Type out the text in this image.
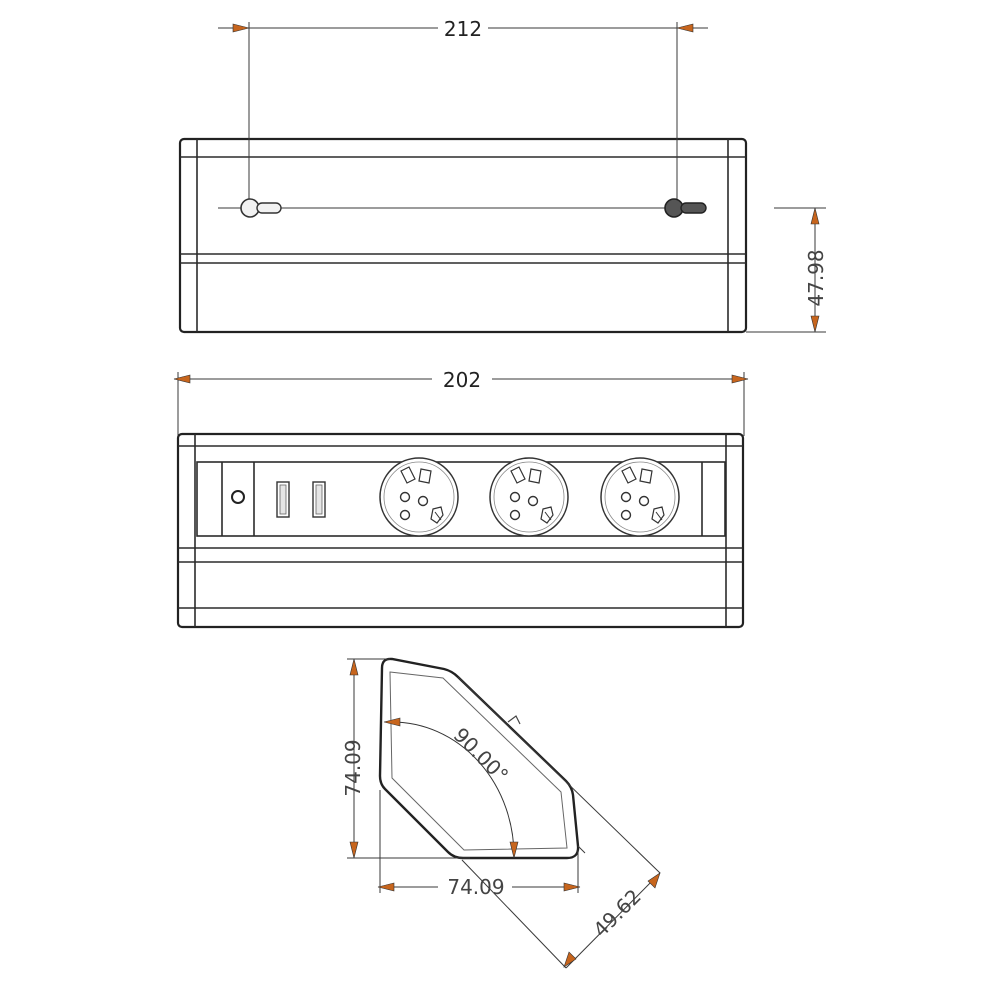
212
47.98
202
90.00°
74.09
74.09	49.62
